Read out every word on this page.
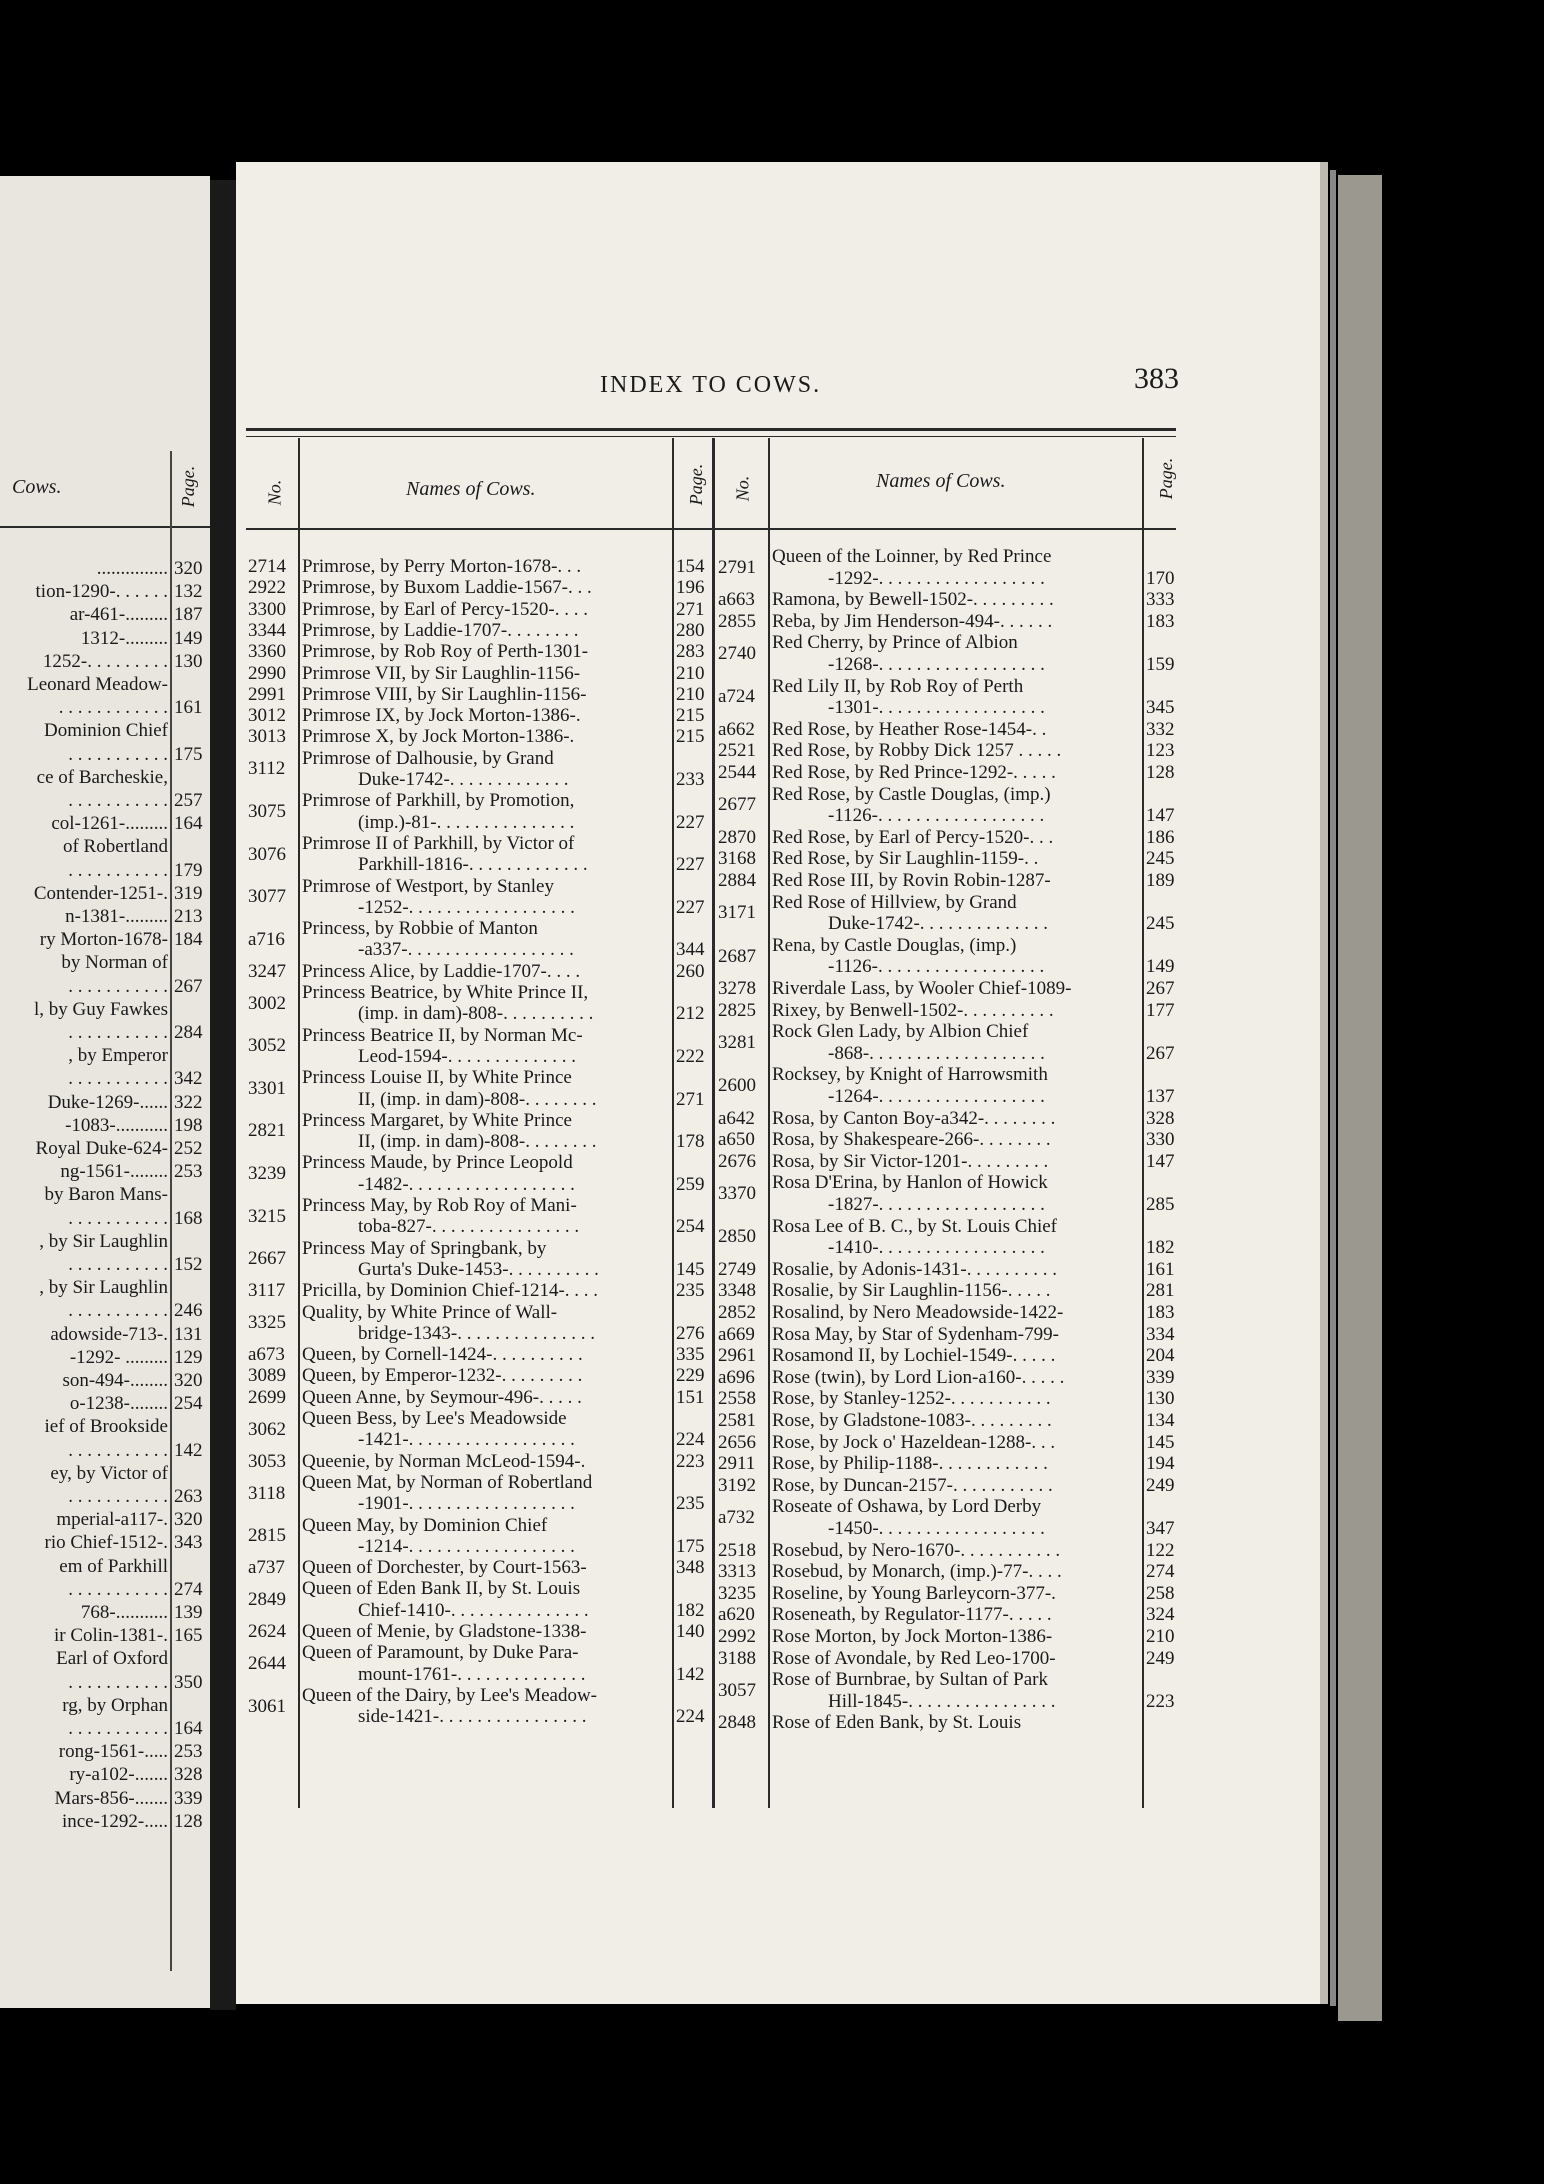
Cows.	Page.
............... 320
tion-1290-. . . . . . 132
ar-461-......... 187
1312-......... 149
1252-. . . . . . . . . 130
Leonard Meadow-
. . . . . . . . . . . . 161
Dominion Chief
. . . . . . . . . . . 175
ce of Barcheskie,
. . . . . . . . . . . 257
col-1261-......... 164
of Robertland
. . . . . . . . . . . 179
Contender-1251-. 319
n-1381-......... 213
ry Morton-1678- 184
by Norman of
. . . . . . . . . . . 267
l, by Guy Fawkes
. . . . . . . . . . . 284
, by Emperor
. . . . . . . . . . . 342
Duke-1269-...... 322
-1083-........... 198
Royal Duke-624- 252
ng-1561-........ 253
by Baron Mans-
. . . . . . . . . . . 168
, by Sir Laughlin
. . . . . . . . . . . 152
, by Sir Laughlin
. . . . . . . . . . . 246
adowside-713-. 131
-1292- ......... 129
son-494-........ 320
o-1238-........ 254
ief of Brookside
. . . . . . . . . . . 142
ey, by Victor of
. . . . . . . . . . . 263
mperial-a117-. 320
rio Chief-1512-. 343
em of Parkhill
. . . . . . . . . . . 274
768-........... 139
ir Colin-1381-. 165
Earl of Oxford
. . . . . . . . . . . 350
rg, by Orphan
. . . . . . . . . . . 164
rong-1561-..... 253
ry-a102-....... 328
Mars-856-....... 339
ince-1292-..... 128
INDEX TO COWS.	383
No.	Names of Cows.	Page. No.	Names of Cows.	Page.
2714 Primrose, by Perry Morton-1678-. . .	154
2922 Primrose, by Buxom Laddie-1567-. . .	196
3300 Primrose, by Earl of Percy-1520-. . . .	271
3344 Primrose, by Laddie-1707-. . . . . . . .	280
3360 Primrose, by Rob Roy of Perth-1301-	283
2990 Primrose VII, by Sir Laughlin-1156-	210
2991 Primrose VIII, by Sir Laughlin-1156-	210
3012 Primrose IX, by Jock Morton-1386-.	215
3013 Primrose X, by Jock Morton-1386-.	215
3112
Primrose of Dalhousie, by Grand
Duke-1742-. . . . . . . . . . . . .	233
3075
Primrose of Parkhill, by Promotion,
(imp.)-81-. . . . . . . . . . . . . . .	227
3076
Primrose II of Parkhill, by Victor of
Parkhill-1816-. . . . . . . . . . . . .	227
3077
Primrose of Westport, by Stanley
-1252-. . . . . . . . . . . . . . . . . .	227
a716
Princess, by Robbie of Manton
-a337-. . . . . . . . . . . . . . . . . .	344
3247 Princess Alice, by Laddie-1707-. . . .	260
3002
Princess Beatrice, by White Prince II,
(imp. in dam)-808-. . . . . . . . . .	212
3052
Princess Beatrice II, by Norman Mc-
Leod-1594-. . . . . . . . . . . . . .	222
3301
Princess Louise II, by White Prince
II, (imp. in dam)-808-. . . . . . . .	271
2821
Princess Margaret, by White Prince
II, (imp. in dam)-808-. . . . . . . .	178
3239
Princess Maude, by Prince Leopold
-1482-. . . . . . . . . . . . . . . . . .	259
3215
Princess May, by Rob Roy of Mani-
toba-827-. . . . . . . . . . . . . . . .	254
2667
Princess May of Springbank, by
Gurta's Duke-1453-. . . . . . . . . .	145
3117 Pricilla, by Dominion Chief-1214-. . . .	235
3325
Quality, by White Prince of Wall-
bridge-1343-. . . . . . . . . . . . . . .	276
a673 Queen, by Cornell-1424-. . . . . . . . . .	335
3089 Queen, by Emperor-1232-. . . . . . . . .	229
2699 Queen Anne, by Seymour-496-. . . . .	151
3062
Queen Bess, by Lee's Meadowside
-1421-. . . . . . . . . . . . . . . . . .	224
3053 Queenie, by Norman McLeod-1594-.	223
3118
Queen Mat, by Norman of Robertland
-1901-. . . . . . . . . . . . . . . . . .	235
2815
Queen May, by Dominion Chief
-1214-. . . . . . . . . . . . . . . . . .	175
a737 Queen of Dorchester, by Court-1563-	348
2849
Queen of Eden Bank II, by St. Louis
Chief-1410-. . . . . . . . . . . . . . .	182
2624 Queen of Menie, by Gladstone-1338-	140
2644
Queen of Paramount, by Duke Para-
mount-1761-. . . . . . . . . . . . . .	142
3061
Queen of the Dairy, by Lee's Meadow-
side-1421-. . . . . . . . . . . . . . . .	224
2791
Queen of the Loinner, by Red Prince
-1292-. . . . . . . . . . . . . . . . . .	170
a663 Ramona, by Bewell-1502-. . . . . . . . .	333
2855 Reba, by Jim Henderson-494-. . . . . .	183
2740
Red Cherry, by Prince of Albion
-1268-. . . . . . . . . . . . . . . . . .	159
a724
Red Lily II, by Rob Roy of Perth
-1301-. . . . . . . . . . . . . . . . . .	345
a662 Red Rose, by Heather Rose-1454-. .	332
2521 Red Rose, by Robby Dick 1257 . . . . .	123
2544 Red Rose, by Red Prince-1292-. . . . .	128
2677
Red Rose, by Castle Douglas, (imp.)
-1126-. . . . . . . . . . . . . . . . . .	147
2870 Red Rose, by Earl of Percy-1520-. . .	186
3168 Red Rose, by Sir Laughlin-1159-. .	245
2884 Red Rose III, by Rovin Robin-1287-	189
3171
Red Rose of Hillview, by Grand
Duke-1742-. . . . . . . . . . . . . .	245
2687
Rena, by Castle Douglas, (imp.)
-1126-. . . . . . . . . . . . . . . . . .	149
3278 Riverdale Lass, by Wooler Chief-1089-	267
2825 Rixey, by Benwell-1502-. . . . . . . . . .	177
3281
Rock Glen Lady, by Albion Chief
-868-. . . . . . . . . . . . . . . . . . .	267
2600
Rocksey, by Knight of Harrowsmith
-1264-. . . . . . . . . . . . . . . . . .	137
a642 Rosa, by Canton Boy-a342-. . . . . . . .	328
a650 Rosa, by Shakespeare-266-. . . . . . . .	330
2676 Rosa, by Sir Victor-1201-. . . . . . . . .	147
3370
Rosa D'Erina, by Hanlon of Howick
-1827-. . . . . . . . . . . . . . . . . .	285
2850
Rosa Lee of B. C., by St. Louis Chief
-1410-. . . . . . . . . . . . . . . . . .	182
2749 Rosalie, by Adonis-1431-. . . . . . . . . .	161
3348 Rosalie, by Sir Laughlin-1156-. . . . .	281
2852 Rosalind, by Nero Meadowside-1422-	183
a669 Rosa May, by Star of Sydenham-799-	334
2961 Rosamond II, by Lochiel-1549-. . . . .	204
a696 Rose (twin), by Lord Lion-a160-. . . . .	339
2558 Rose, by Stanley-1252-. . . . . . . . . . .	130
2581 Rose, by Gladstone-1083-. . . . . . . . .	134
2656 Rose, by Jock o' Hazeldean-1288-. . .	145
2911 Rose, by Philip-1188-. . . . . . . . . . . .	194
3192 Rose, by Duncan-2157-. . . . . . . . . . .	249
a732
Roseate of Oshawa, by Lord Derby
-1450-. . . . . . . . . . . . . . . . . .	347
2518 Rosebud, by Nero-1670-. . . . . . . . . . .	122
3313 Rosebud, by Monarch, (imp.)-77-. . . .	274
3235 Roseline, by Young Barleycorn-377-.	258
a620 Roseneath, by Regulator-1177-. . . . .	324
2992 Rose Morton, by Jock Morton-1386-	210
3188 Rose of Avondale, by Red Leo-1700-	249
3057
Rose of Burnbrae, by Sultan of Park
Hill-1845-. . . . . . . . . . . . . . . .	223
2848 Rose of Eden Bank, by St. Louis
